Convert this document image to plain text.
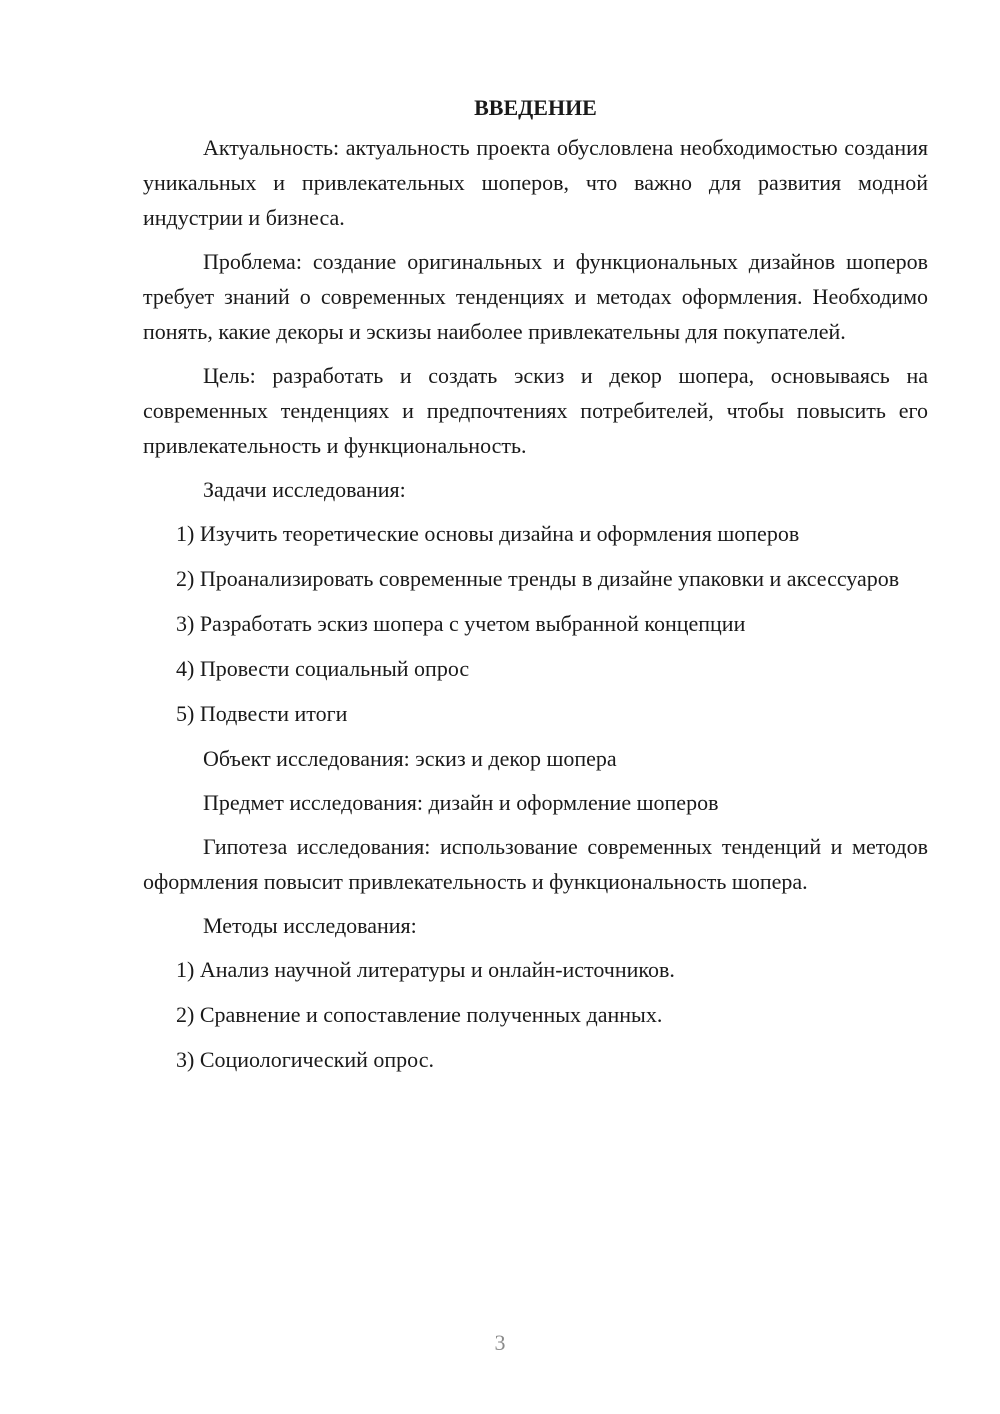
ВВЕДЕНИЕ

Актуальность: актуальность проекта обусловлена необходимостью создания уникальных и привлекательных шоперов, что важно для развития модной индустрии и бизнеса.

Проблема: создание оригинальных и функциональных дизайнов шоперов требует знаний о современных тенденциях и методах оформления. Необходимо понять, какие декоры и эскизы наиболее привлекательны для покупателей.

Цель: разработать и создать эскиз и декор шопера, основываясь на современных тенденциях и предпочтениях потребителей, чтобы повысить его привлекательность и функциональность.

Задачи исследования:

1) Изучить теоретические основы дизайна и оформления шоперов

2) Проанализировать современные тренды в дизайне упаковки и аксессуаров

3) Разработать эскиз шопера с учетом выбранной концепции

4) Провести социальный опрос

5) Подвести итоги

Объект исследования: эскиз и декор шопера

Предмет исследования: дизайн и оформление шоперов

Гипотеза исследования: использование современных тенденций и методов оформления повысит привлекательность и функциональность шопера.

Методы исследования:

1) Анализ научной литературы и онлайн-источников.

2) Сравнение и сопоставление полученных данных.

3) Социологический опрос.

3
